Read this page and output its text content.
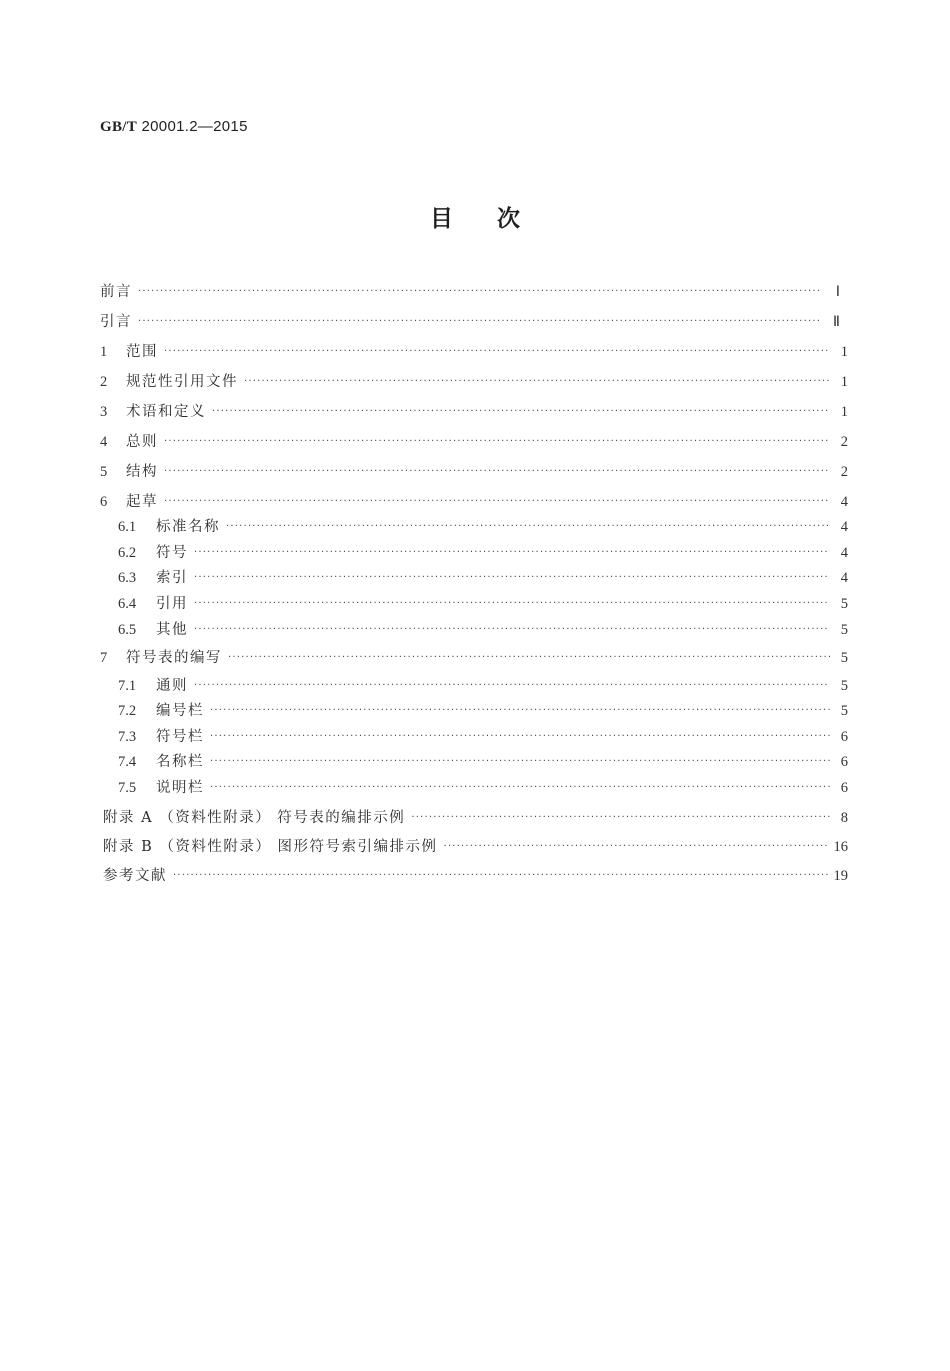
GB/T 20001.2—2015
目次
前言 ·····	Ⅰ
引言 ·····	Ⅱ
1	范围 ·····	1
2	规范性引用文件 ·····	1
3	术语和定义 ·····	1
4	总则 ·····	2
5	结构 ·····	2
6	起草 ·····	4
6.1	标准名称 ·····	4
6.2	符号 ·····	4
6.3	索引 ·····	4
6.4	引用 ·····	5
6.5	其他 ·····	5
7	符号表的编写 ·····	5
7.1	通则 ·····	5
7.2	编号栏 ·····	5
7.3	符号栏 ·····	6
7.4	名称栏 ·····	6
7.5	说明栏 ·····	6
附录 A （资料性附录） 符号表的编排示例 ·····	8
附录 B （资料性附录） 图形符号索引编排示例 ·····	16
参考文献 ·····	19
